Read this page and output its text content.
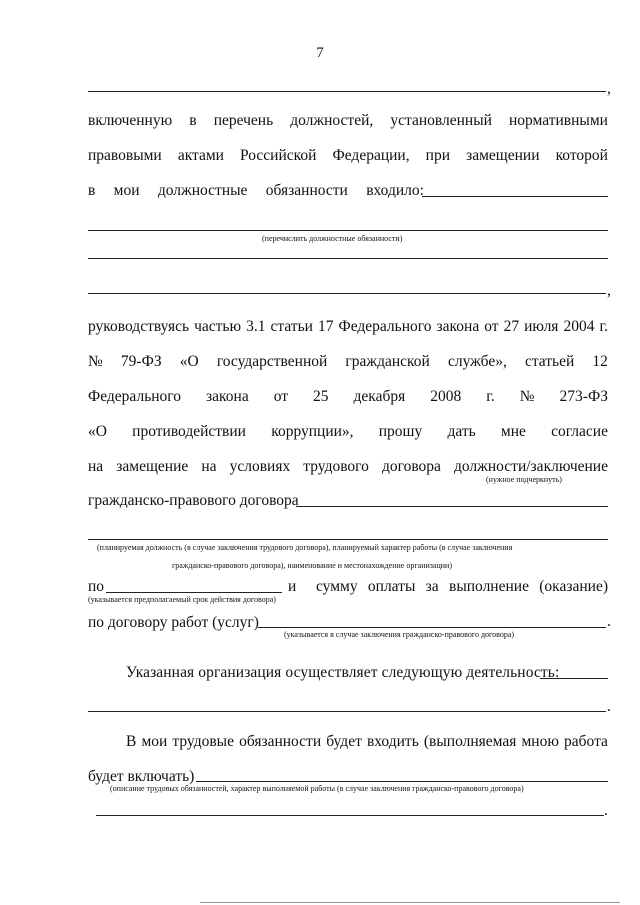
7
,
включенную в перечень должностей, установленный нормативными
правовыми актами Российской Федерации, при замещении которой
в мои должностные обязанности входило:
(перечислить должностные обязанности)
,
руководствуясь частью 3.1 статьи 17 Федерального закона от 27 июля 2004 г.
№ 79-ФЗ «О государственной гражданской службе», статьей 12
Федерального закона от 25 декабря 2008 г. № 273-ФЗ
«О противодействии коррупции», прошу дать мне согласие
на замещение на условиях трудового договора должности/заключение
(нужное подчеркнуть)
гражданско-правового договора
(планируемая должность (в случае заключения трудового договора), планируемый характер работы (в случае заключения
гражданско-правового договора), наименование и местонахождение организации)
по	и сумму оплаты за выполнение (оказание)
(указывается предполагаемый срок действия договора)
по договору работ (услуг)	.
(указывается в случае заключения гражданско-правового договора)
Указанная организация осуществляет следующую деятельность:
.
В мои трудовые обязанности будет входить (выполняемая мною работа
будет включать)
(описание трудовых обязанностей, характер выполняемой работы (в случае заключения гражданско-правового договора)
.
